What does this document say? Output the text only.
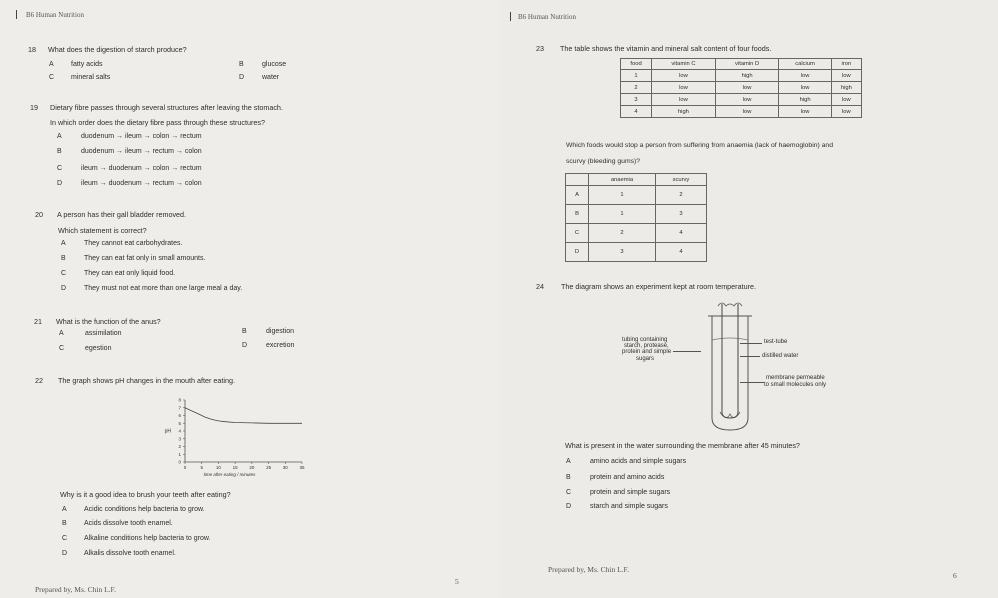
B6 Human Nutrition	B6 Human Nutrition
18 What does the digestion of starch produce?
A fatty acids	B	glucose
C mineral salts	D	water
19 Dietary fibre passes through several structures after leaving the stomach.
In which order does the dietary fibre pass through these structures?
A	duodenum → ileum → colon → rectum
B	duodenum → ileum → rectum → colon
C	ileum → duodenum → colon → rectum
D	ileum → duodenum → rectum → colon
20 A person has their gall bladder removed.
Which statement is correct?
A	They cannot eat carbohydrates.
B	They can eat fat only in small amounts.
C	They can eat only liquid food.
D	They must not eat more than one large meal a day.
21 What is the function of the anus?
A	assimilation	B	digestion
C	egestion	D	excretion
22 The graph shows pH changes in the mouth after eating.
0
1
2
3
4
5
6
7
8
0	5	10	15	20	25	30	35
pH
time after eating / minutes
Why is it a good idea to brush your teeth after eating?
A Acidic conditions help bacteria to grow.
B Acids dissolve tooth enamel.
C Alkaline conditions help bacteria to grow.
D Alkalis dissolve tooth enamel.
Prepared by, Ms. Chin L.F.
5
23 The table shows the vitamin and mineral salt content of four foods.
food	vitamin C	vitamin D	calcium	iron
1	low	high	low	low
2	low	low	low	high
3	low	low	high	low
4	high	low	low	low
Which foods would stop a person from suffering from anaemia (lack of haemoglobin) and
scurvy (bleeding gums)?
	anaemia	scurvy
A	1	2
B	1	3
C	2	4
D	3	4
24 The diagram shows an experiment kept at room temperature.
tubing containing
starch, protease,
protein and simple
sugars
test-tube
distilled water
membrane permeable
to small molecules only
What is present in the water surrounding the membrane after 45 minutes?
A	amino acids and simple sugars
B	protein and amino acids
C	protein and simple sugars
D	starch and simple sugars
Prepared by, Ms. Chin L.F.
6
